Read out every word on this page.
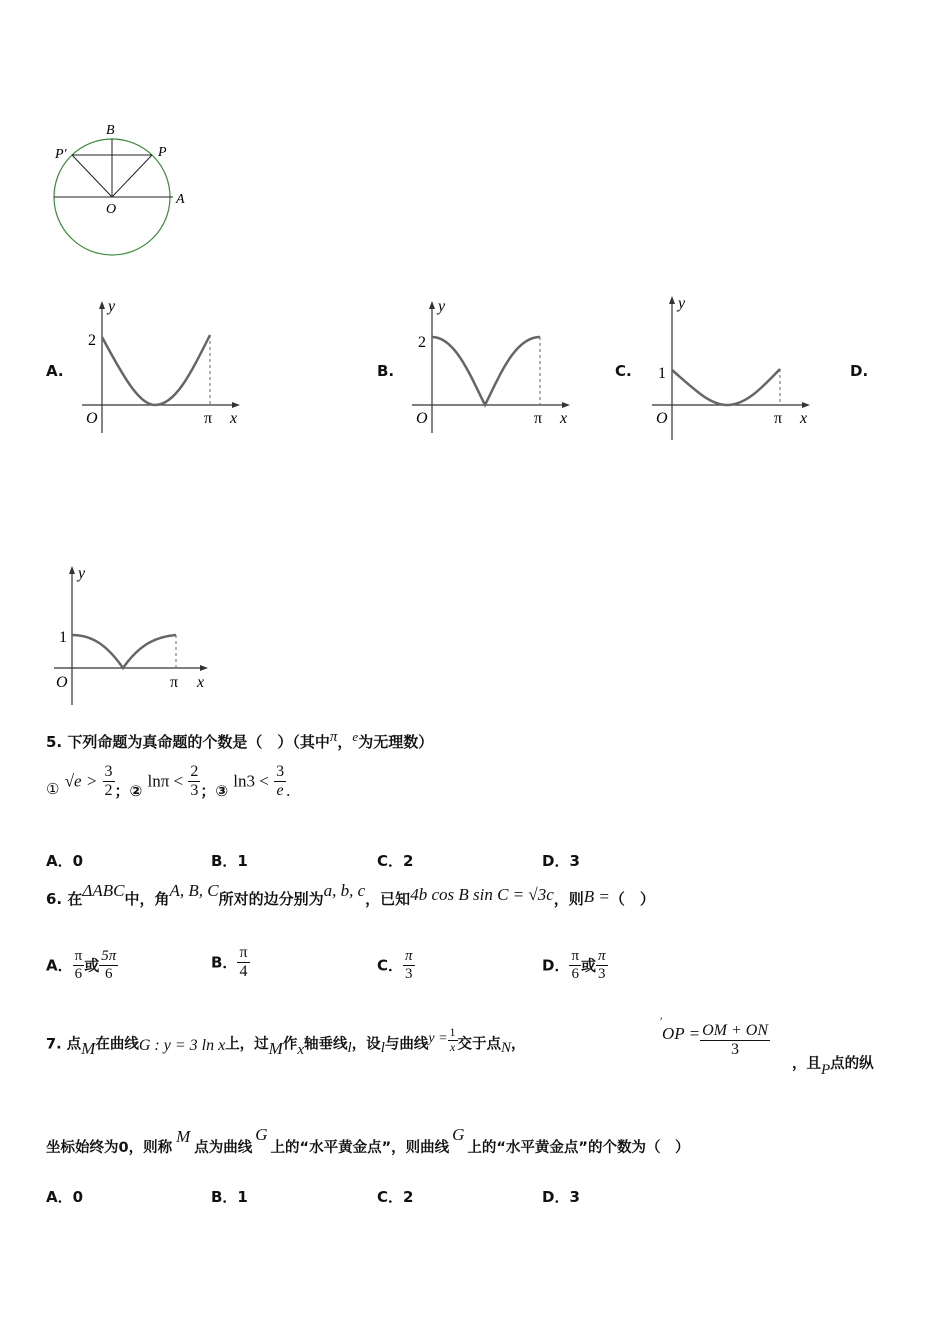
B
P′	P
O
A
A.	B.	C.	D.
2
O	π x
y
2
O	π x
y
1
O	π x
y
1
O	π x
y
5. 下列命题为真命题的个数是（　）（其中π，e为无理数）
① $√e > \frac{3}{2}$ ；② $\ln\pi < \frac{2}{3}$ ；③ $\ln 3 < \frac{3}{e}$ .
A．0	B．1	C．2	D．3
6. 在ΔABC中，角A, B, C所对的边分别为a, b, c，已知4b cos B sin C = √3c，则B =（　）
A． $\frac{\pi}{6}$ 或 $\frac{5\pi}{6}$	B． $\frac{\pi}{4}$	C． $\frac{\pi}{3}$	D． $\frac{\pi}{6}$ 或 $\frac{\pi}{3}$
7. 点M在曲线G : y = 3 ln x上，过M作x轴垂线l，设l与曲线$y = \frac{1}{x}$ 交于点N，
′
OP = $\frac{OM + ON}{3}$
，且P点的纵
坐标始终为0，则称M点为曲线G上的“水平黄金点”，则曲线G上的“水平黄金点”的个数为（　）
A．0	B．1	C．2	D．3
